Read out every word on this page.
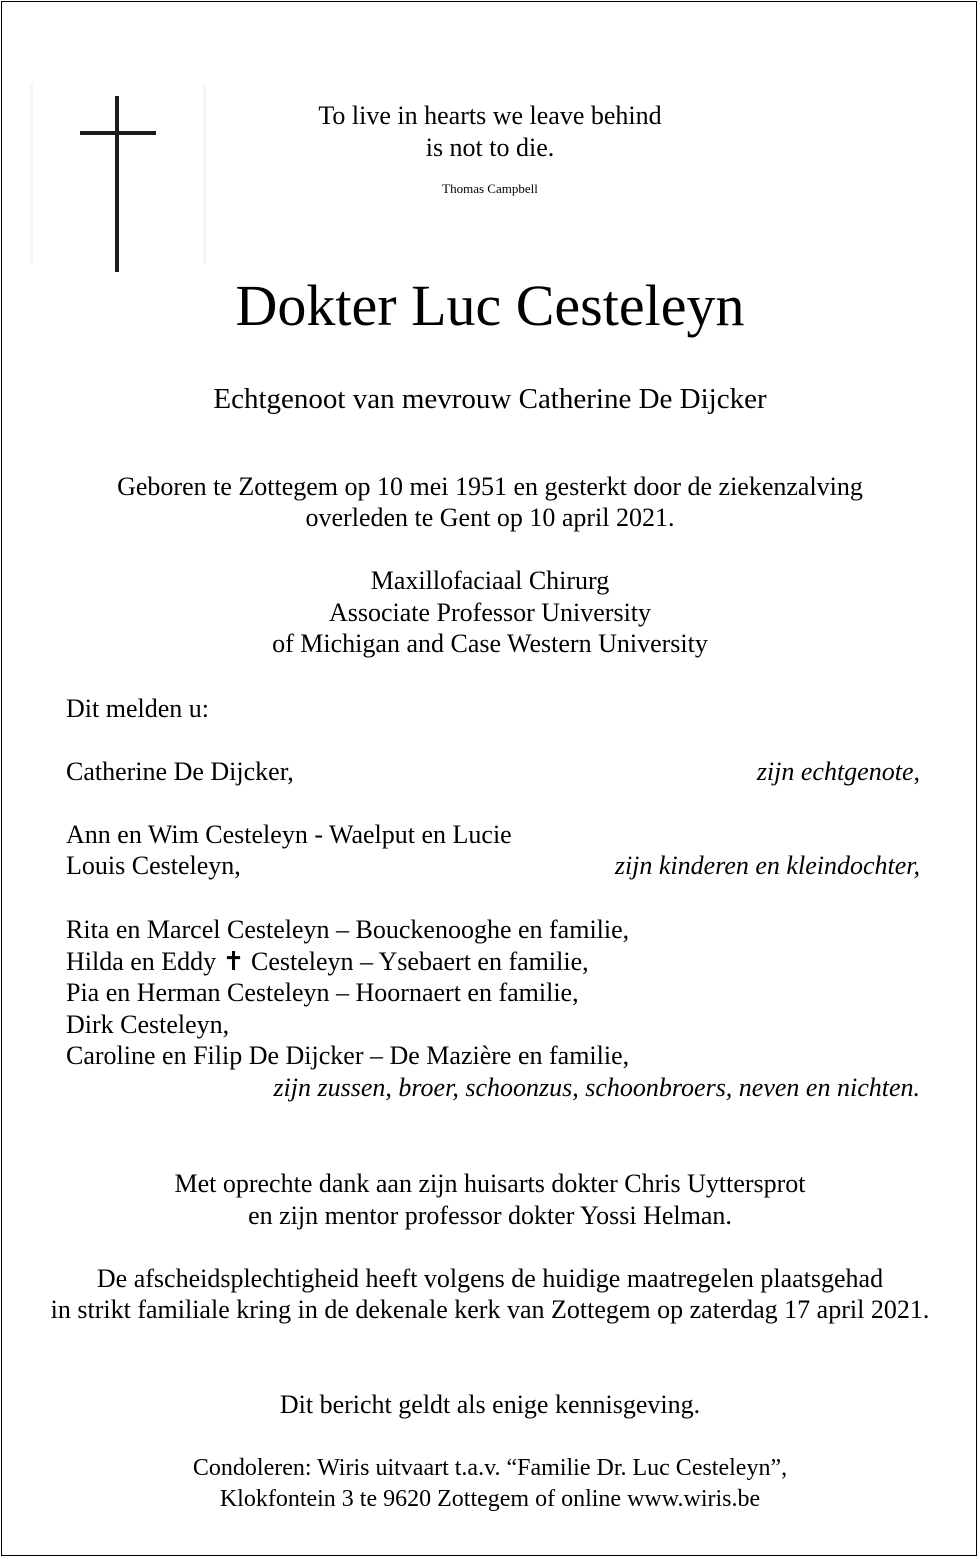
To live in hearts we leave behind
is not to die.
Thomas Campbell
Dokter Luc Cesteleyn
Echtgenoot van mevrouw Catherine De Dijcker
Geboren te Zottegem op 10 mei 1951 en gesterkt door de ziekenzalving
overleden te Gent op 10 april 2021.
Maxillofaciaal Chirurg
Associate Professor University
of Michigan and Case Western University
Dit melden u:
Catherine De Dijcker,	zijn echtgenote,
Ann en Wim Cesteleyn - Waelput en Lucie
Louis Cesteleyn,	zijn kinderen en kleindochter,
Rita en Marcel Cesteleyn – Bouckenooghe en familie,
Hilda en Eddy ✝ Cesteleyn – Ysebaert en familie,
Pia en Herman Cesteleyn – Hoornaert en familie,
Dirk Cesteleyn,
Caroline en Filip De Dijcker – De Mazière en familie,
zijn zussen, broer, schoonzus, schoonbroers, neven en nichten.
Met oprechte dank aan zijn huisarts dokter Chris Uyttersprot
en zijn mentor professor dokter Yossi Helman.
De afscheidsplechtigheid heeft volgens de huidige maatregelen plaatsgehad
in strikt familiale kring in de dekenale kerk van Zottegem op zaterdag 17 april 2021.
Dit bericht geldt als enige kennisgeving.
Condoleren: Wiris uitvaart t.a.v. “Familie Dr. Luc Cesteleyn”,
Klokfontein 3 te 9620 Zottegem of online www.wiris.be
